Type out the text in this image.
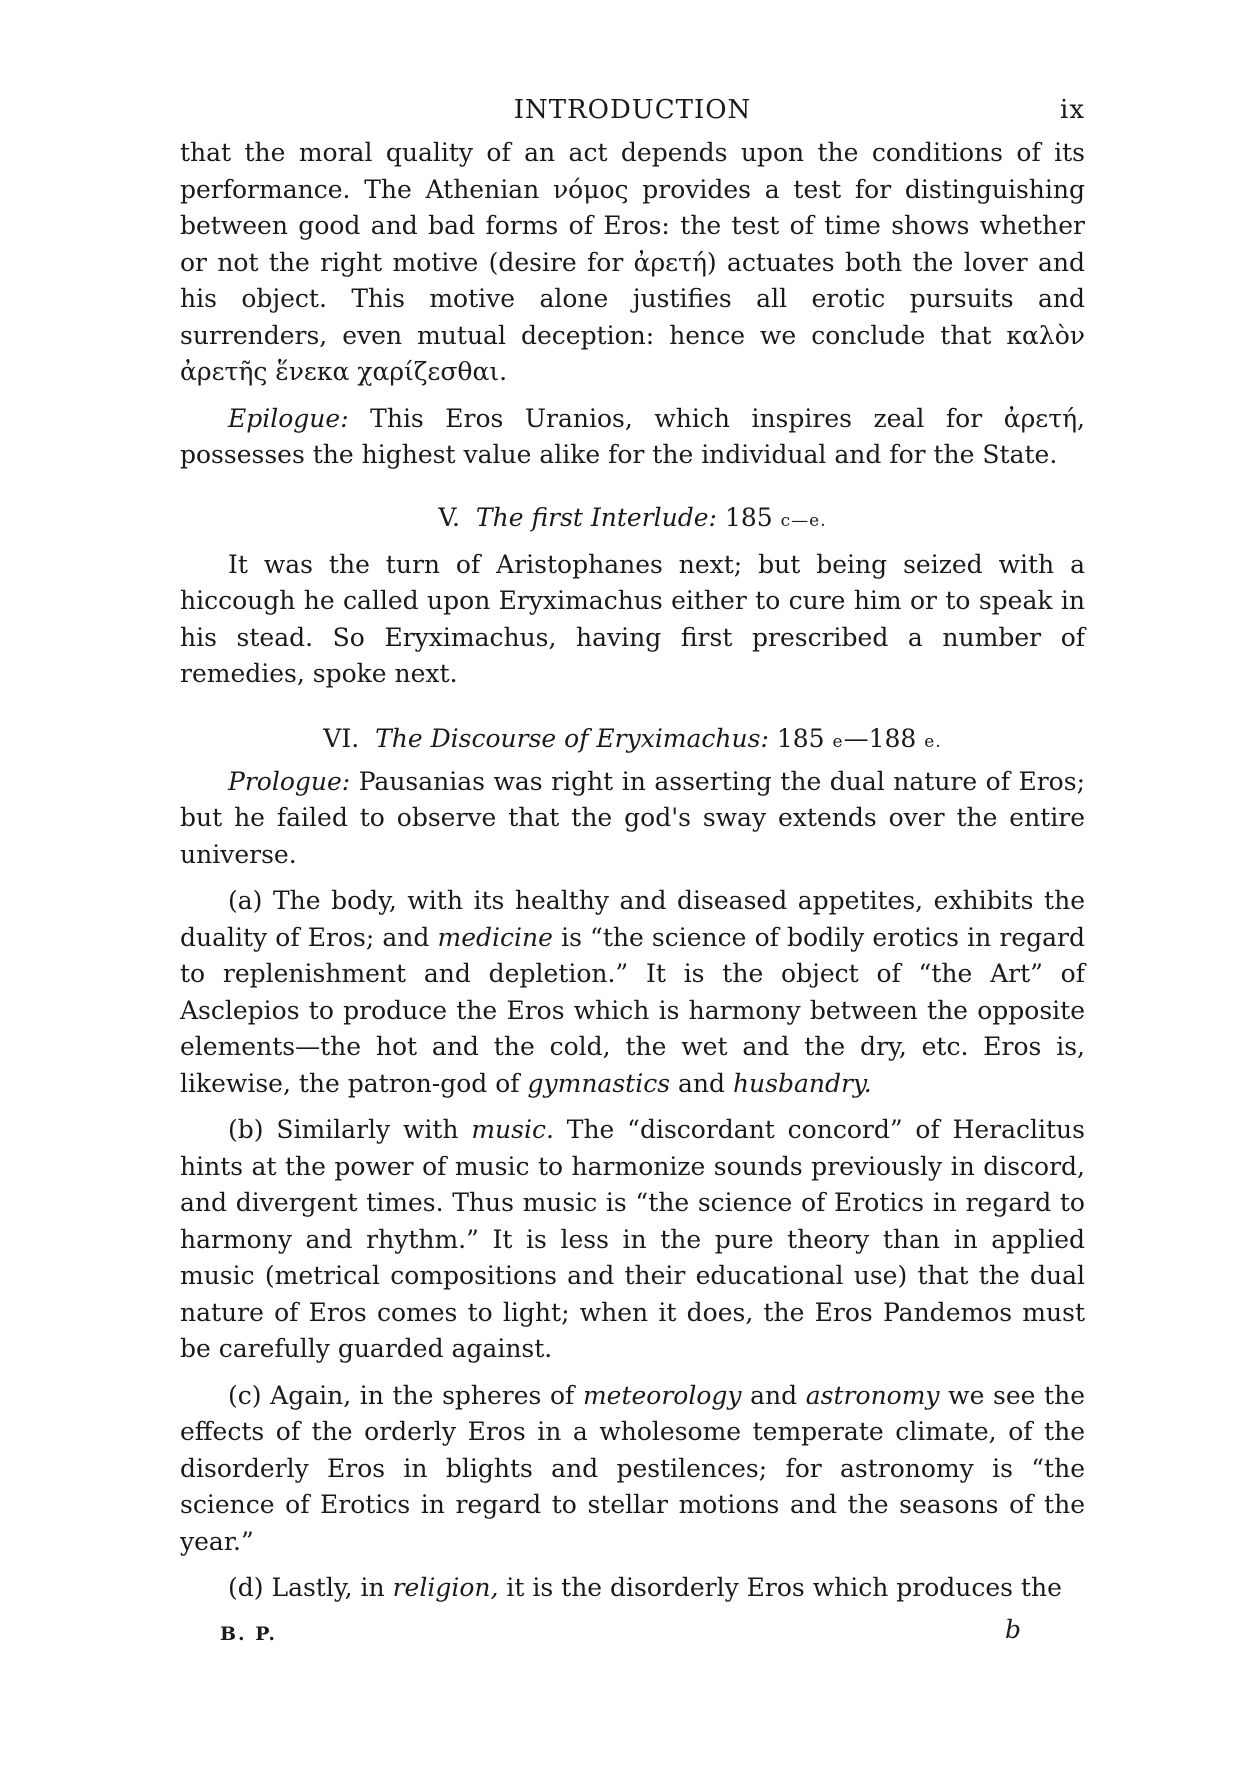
INTRODUCTION	ix

that the moral quality of an act depends upon the conditions of its performance. The Athenian νόμος provides a test for distinguishing between good and bad forms of Eros: the test of time shows whether or not the right motive (desire for ἀρετή) actuates both the lover and his object. This motive alone justifies all erotic pursuits and surrenders, even mutual deception: hence we conclude that καλὸν ἀρετῆς ἕνεκα χαρίζεσθαι.

Epilogue: This Eros Uranios, which inspires zeal for ἀρετή, possesses the highest value alike for the individual and for the State.

V. The first Interlude: 185 c—e.

It was the turn of Aristophanes next; but being seized with a hiccough he called upon Eryximachus either to cure him or to speak in his stead. So Eryximachus, having first prescribed a number of remedies, spoke next.

VI. The Discourse of Eryximachus: 185 e—188 e.

Prologue: Pausanias was right in asserting the dual nature of Eros; but he failed to observe that the god's sway extends over the entire universe.

(a) The body, with its healthy and diseased appetites, exhibits the duality of Eros; and medicine is “the science of bodily erotics in regard to replenishment and depletion.” It is the object of “the Art” of Asclepios to produce the Eros which is harmony between the opposite elements—the hot and the cold, the wet and the dry, etc. Eros is, likewise, the patron-god of gymnastics and husbandry.

(b) Similarly with music. The “discordant concord” of Heraclitus hints at the power of music to harmonize sounds previously in discord, and divergent times. Thus music is “the science of Erotics in regard to harmony and rhythm.” It is less in the pure theory than in applied music (metrical compositions and their educational use) that the dual nature of Eros comes to light; when it does, the Eros Pandemos must be carefully guarded against.

(c) Again, in the spheres of meteorology and astronomy we see the effects of the orderly Eros in a wholesome temperate climate, of the disorderly Eros in blights and pestilences; for astronomy is “the science of Erotics in regard to stellar motions and the seasons of the year.”

(d) Lastly, in religion, it is the disorderly Eros which produces the

B. P.	b
